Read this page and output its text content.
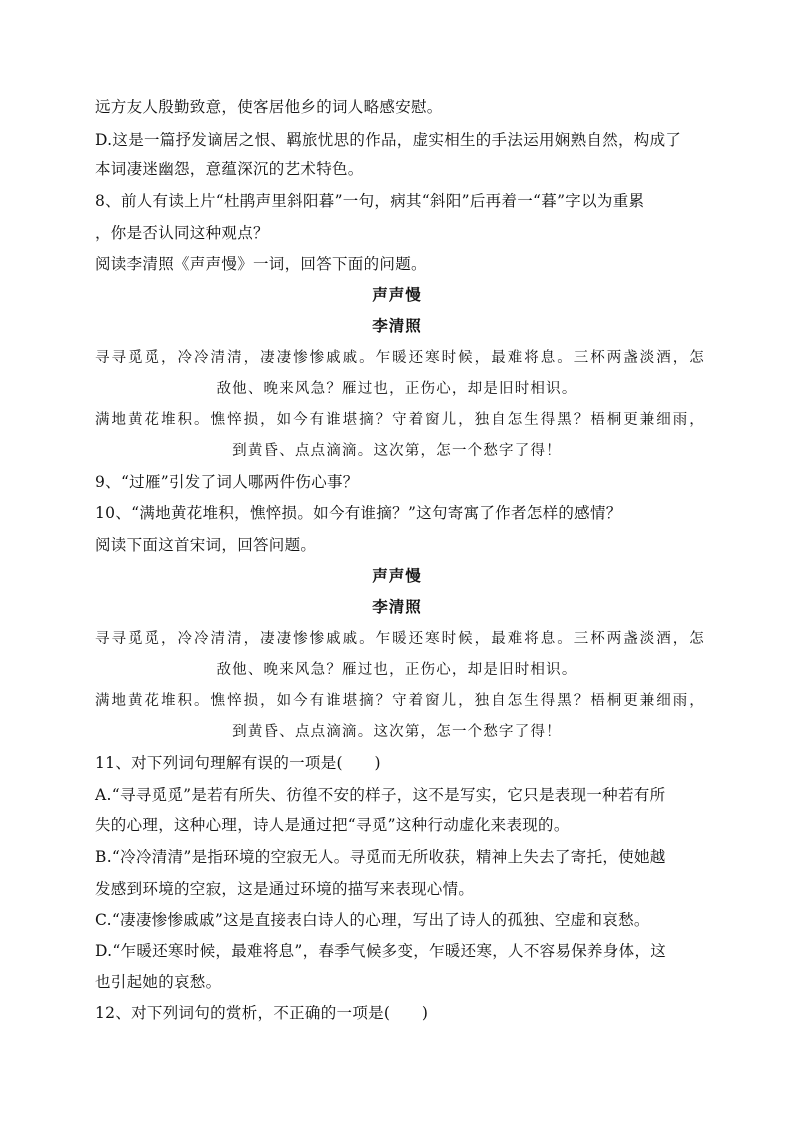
远方友人殷勤致意，使客居他乡的词人略感安慰。
D.这是一篇抒发谪居之恨、羁旅忧思的作品，虚实相生的手法运用娴熟自然，构成了
本词凄迷幽怨，意蕴深沉的艺术特色。
8、前人有读上片“杜鹃声里斜阳暮”一句，病其“斜阳”后再着一“暮”字以为重累
，你是否认同这种观点？
阅读李清照《声声慢》一词，回答下面的问题。
声声慢
李清照
寻寻觅觅，冷冷清清，凄凄惨惨戚戚。乍暖还寒时候，最难将息。三杯两盏淡酒，怎
敌他、晚来风急？雁过也，正伤心，却是旧时相识。
满地黄花堆积。憔悴损，如今有谁堪摘？守着窗儿，独自怎生得黑？梧桐更兼细雨，
到黄昏、点点滴滴。这次第，怎一个愁字了得！
9、“过雁”引发了词人哪两件伤心事？
10、“满地黄花堆积，憔悴损。如今有谁摘？”这句寄寓了作者怎样的感情？
阅读下面这首宋词，回答问题。
声声慢
李清照
寻寻觅觅，冷冷清清，凄凄惨惨戚戚。乍暖还寒时候，最难将息。三杯两盏淡酒，怎
敌他、晚来风急？雁过也，正伤心，却是旧时相识。
满地黄花堆积。憔悴损，如今有谁堪摘？守着窗儿，独自怎生得黑？梧桐更兼细雨，
到黄昏、点点滴滴。这次第，怎一个愁字了得！
11、对下列词句理解有误的一项是(　　)
A.“寻寻觅觅”是若有所失、彷徨不安的样子，这不是写实，它只是表现一种若有所
失的心理，这种心理，诗人是通过把“寻觅”这种行动虚化来表现的。
B.“冷冷清清”是指环境的空寂无人。寻觅而无所收获，精神上失去了寄托，使她越
发感到环境的空寂，这是通过环境的描写来表现心情。
C.“凄凄惨惨戚戚”这是直接表白诗人的心理，写出了诗人的孤独、空虚和哀愁。
D.“乍暖还寒时候，最难将息”，春季气候多变，乍暖还寒，人不容易保养身体，这
也引起她的哀愁。
12、对下列词句的赏析，不正确的一项是(　　)
